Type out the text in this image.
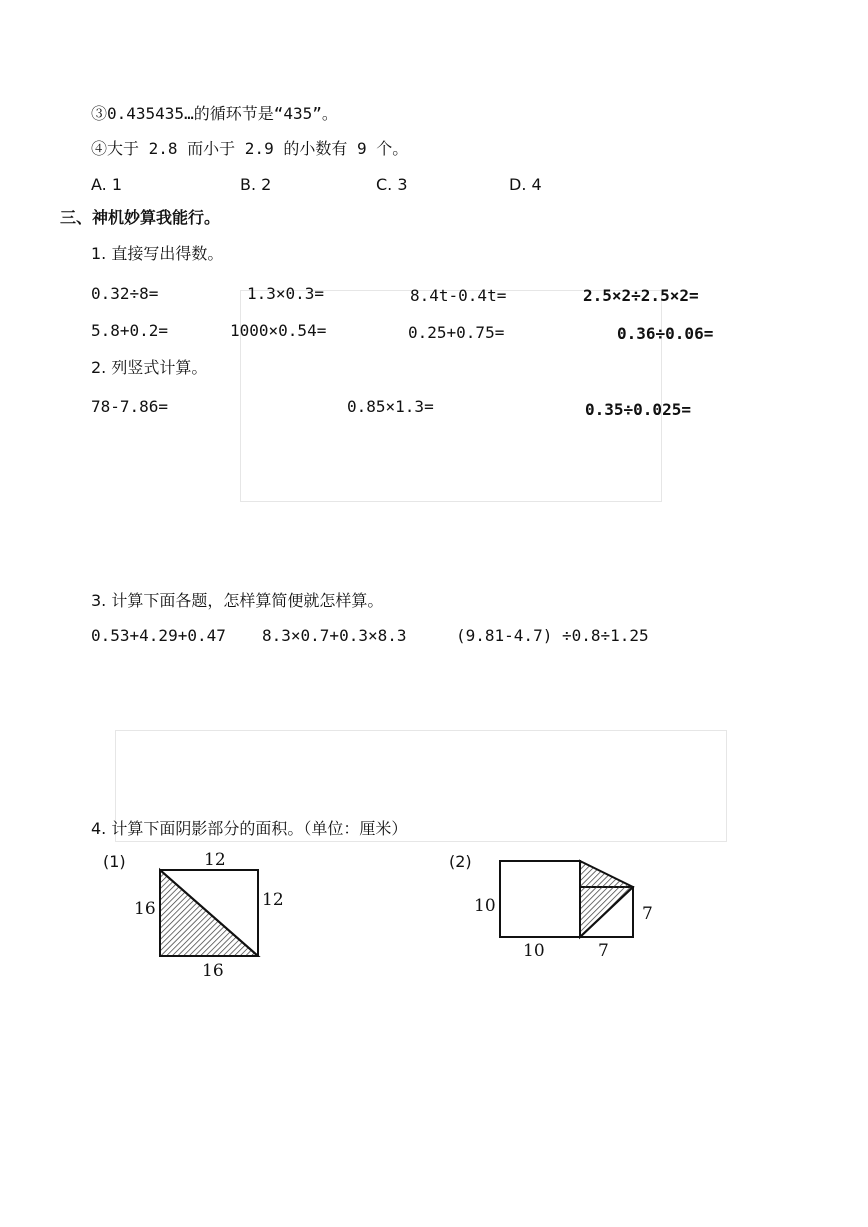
③0.435435…的循环节是“435”。
④大于 2.8 而小于 2.9 的小数有 9 个。
A. 1	B. 2	C. 3	D. 4
三、神机妙算我能行。
1. 直接写出得数。
0.32÷8=	1.3×0.3=	8.4t-0.4t=	2.5×2÷2.5×2=
5.8+0.2=	1000×0.54=	0.25+0.75=	0.36÷0.06=
2. 列竖式计算。
78-7.86=	0.85×1.3=	0.35÷0.025=
3. 计算下面各题，怎样算简便就怎样算。
0.53+4.29+0.47 8.3×0.7+0.3×8.3	(9.81-4.7) ÷0.8÷1.25
4. 计算下面阴影部分的面积。（单位：厘米）
(1)	12
16	12
16
(2)
10
10	7
7
